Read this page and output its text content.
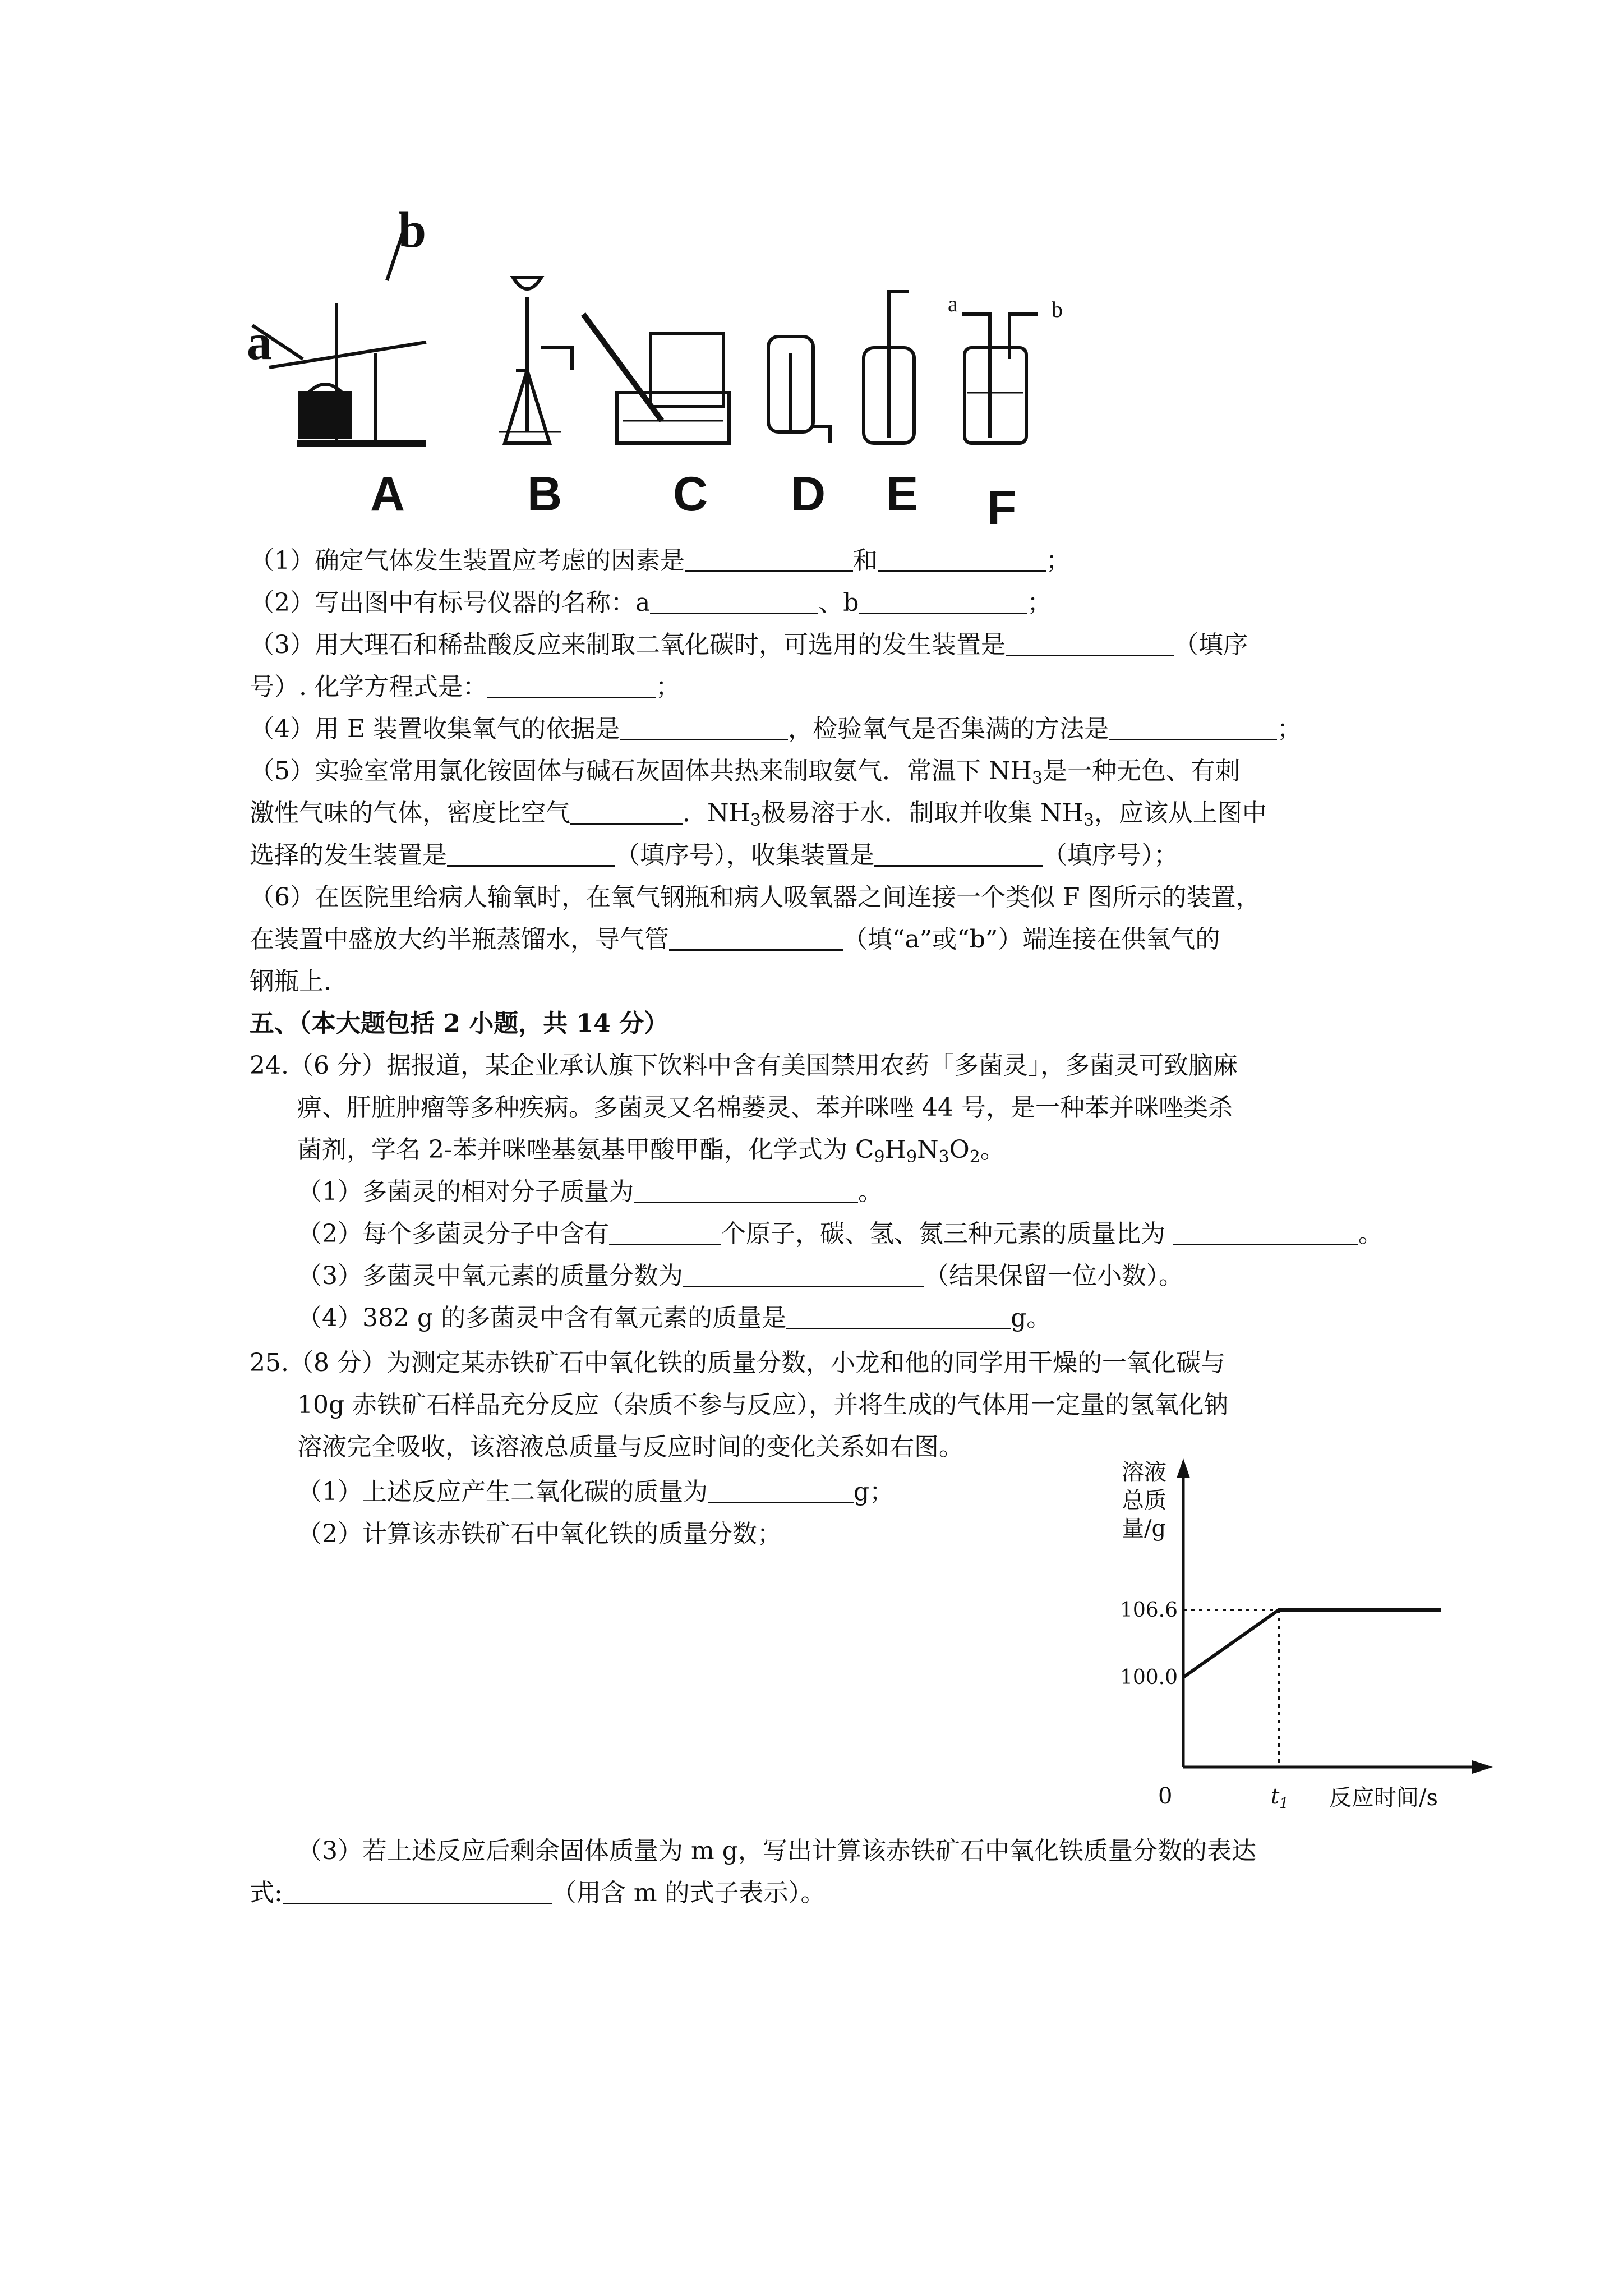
A	B C D E F
a
b
a	b
（1）确定气体发生装置应考虑的因素是	和	；
（2）写出图中有标号仪器的名称：a	、b	；
（3）用大理石和稀盐酸反应来制取二氧化碳时，可选用的发生装置是	（填序
号）. 化学方程式是：	；
（4）用 E 装置收集氧气的依据是	，检验氧气是否集满的方法是	；
（5）实验室常用氯化铵固体与碱石灰固体共热来制取氨气．常温下 NH3是一种无色、有刺
激性气味的气体，密度比空气	．NH3极易溶于水．制取并收集 NH3，应该从上图中
选择的发生装置是	（填序号），收集装置是	（填序号）；
（6）在医院里给病人输氧时，在氧气钢瓶和病人吸氧器之间连接一个类似 F 图所示的装置，
在装置中盛放大约半瓶蒸馏水，导气管	（填“a”或“b”）端连接在供氧气的
钢瓶上．
五、（本大题包括 2 小题，共 14 分）
24.（6 分）据报道，某企业承认旗下饮料中含有美国禁用农药「多菌灵」，多菌灵可致脑麻
痹、肝脏肿瘤等多种疾病。多菌灵又名棉蒌灵、苯并咪唑 44 号，是一种苯并咪唑类杀
菌剂，学名 2-苯并咪唑基氨基甲酸甲酯，化学式为 C9H9N3O2。
（1）多菌灵的相对分子质量为	。
（2）每个多菌灵分子中含有	个原子，碳、氢、氮三种元素的质量比为	。
（3）多菌灵中氧元素的质量分数为	（结果保留一位小数）。
（4）382 g 的多菌灵中含有氧元素的质量是	g。
25.（8 分）为测定某赤铁矿石中氧化铁的质量分数，小龙和他的同学用干燥的一氧化碳与
10g 赤铁矿石样品充分反应（杂质不参与反应），并将生成的气体用一定量的氢氧化钠
溶液完全吸收，该溶液总质量与反应时间的变化关系如右图。
（1）上述反应产生二氧化碳的质量为	g；
（2）计算该赤铁矿石中氧化铁的质量分数；
溶液
总质
量/g
0
100.0
106.6
$t_1$ 反应时间/s
（3）若上述反应后剩余固体质量为 m g，写出计算该赤铁矿石中氧化铁质量分数的表达
式:	（用含 m 的式子表示）。
